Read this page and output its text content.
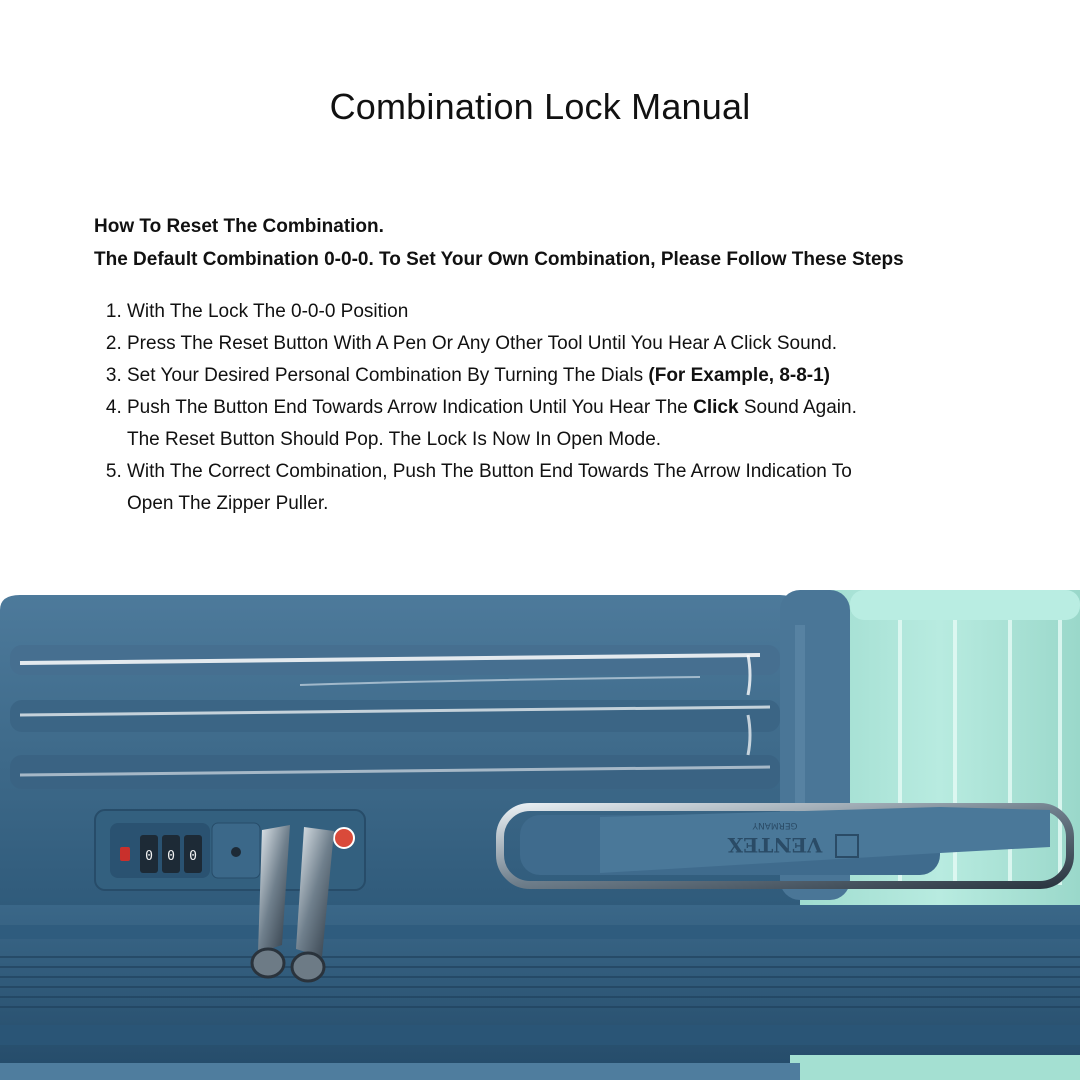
Combination Lock Manual
How To Reset The Combination.
The Default Combination 0-0-0. To Set Your Own Combination, Please Follow These Steps
1. With The Lock The 0-0-0 Position
2. Press The Reset Button With A Pen Or Any Other Tool Until You Hear A Click Sound.
3. Set Your Desired Personal Combination By Turning The Dials (For Example, 8-8-1)
4. Push The Button End Towards Arrow Indication Until You Hear The Click Sound Again.
The Reset Button Should Pop. The Lock Is Now In Open Mode.
5. With The Correct Combination, Push The Button End Towards The Arrow Indication To
Open The Zipper Puller.
0 0 0	VENTEX
GERMANY
